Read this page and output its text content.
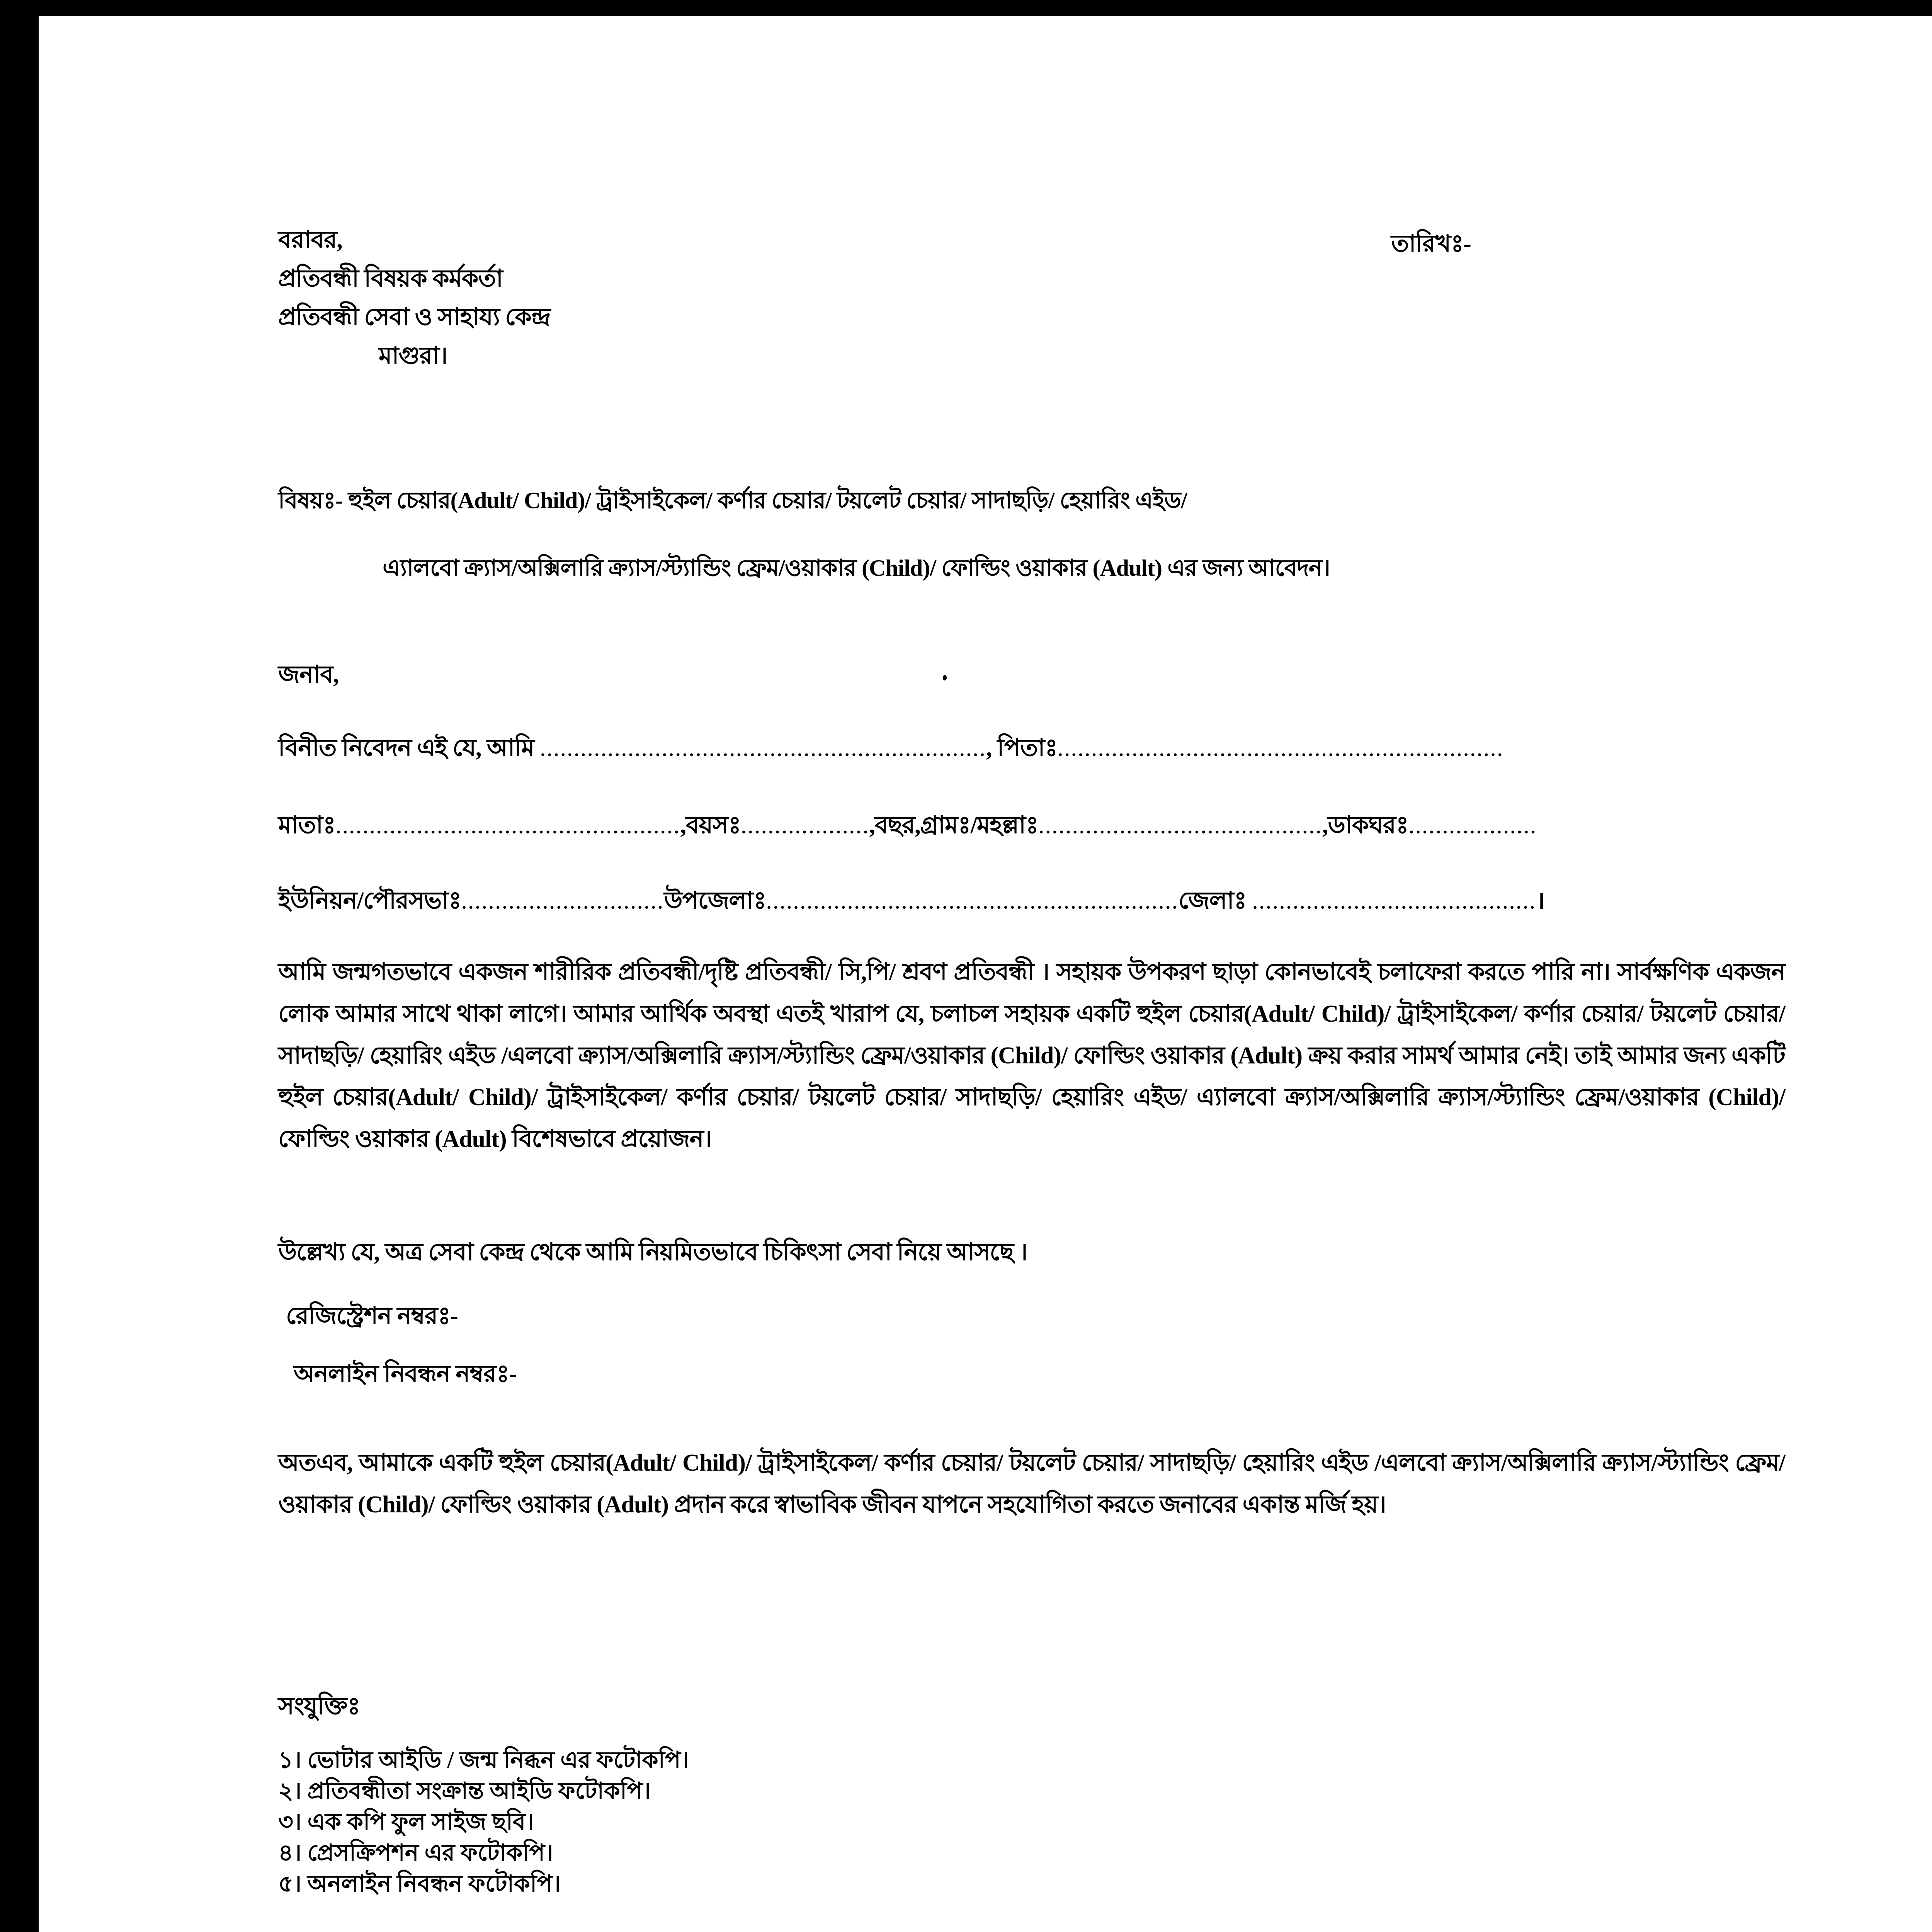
বরাবর,
প্রতিবন্ধী বিষয়ক কর্মকর্তা
প্রতিবন্ধী সেবা ও সাহায্য কেন্দ্র
মাগুরা।
তারিখঃ-
বিষয়ঃ- হুইল চেয়ার(Adult/ Child)/ ট্রাইসাইকেল/ কর্ণার চেয়ার/ টয়লেট চেয়ার/ সাদাছড়ি/ হেয়ারিং এইড/
এ্যালবো ক্র্যাস/অক্সিলারি ক্র্যাস/স্ট্যান্ডিং ফ্রেম/ওয়াকার (Child)/ ফোল্ডিং ওয়াকার (Adult) এর জন্য আবেদন।
জনাব,
বিনীত নিবেদন এই যে, আমি .................................................................., পিতাঃ..................................................................
মাতাঃ...................................................,বয়সঃ...................,বছর,গ্রামঃ/মহল্লাঃ..........................................,ডাকঘরঃ...................
ইউনিয়ন/পৌরসভাঃ..............................উপজেলাঃ.............................................................জেলাঃ ..........................................।
আমি জন্মগতভাবে একজন শারীরিক প্রতিবন্ধী/দৃষ্টি প্রতিবন্ধী/ সি,পি/ শ্রবণ প্রতিবন্ধী । সহায়ক উপকরণ ছাড়া কোনভাবেই চলাফেরা করতে পারি না। সার্বক্ষণিক একজন লোক আমার সাথে থাকা লাগে। আমার আর্থিক অবস্থা এতই খারাপ যে, চলাচল সহায়ক একটি হুইল চেয়ার(Adult/ Child)/ ট্রাইসাইকেল/ কর্ণার চেয়ার/ টয়লেট চেয়ার/ সাদাছড়ি/ হেয়ারিং এইড /এলবো ক্র্যাস/অক্সিলারি ক্র্যাস/স্ট্যান্ডিং ফ্রেম/ওয়াকার (Child)/ ফোল্ডিং ওয়াকার (Adult) ক্রয় করার সামর্থ আমার নেই। তাই আমার জন্য একটি হুইল চেয়ার(Adult/ Child)/ ট্রাইসাইকেল/ কর্ণার চেয়ার/ টয়লেট চেয়ার/ সাদাছড়ি/ হেয়ারিং এইড/ এ্যালবো ক্র্যাস/অক্সিলারি ক্র্যাস/স্ট্যান্ডিং ফ্রেম/ওয়াকার (Child)/ ফোল্ডিং ওয়াকার (Adult) বিশেষভাবে প্রয়োজন।
উল্লেখ্য যে, অত্র সেবা কেন্দ্র থেকে আমি নিয়মিতভাবে চিকিৎসা সেবা নিয়ে আসছে ।
রেজিস্ট্রেশন নম্বরঃ-
অনলাইন নিবন্ধন নম্বরঃ-
অতএব, আমাকে একটি হুইল চেয়ার(Adult/ Child)/ ট্রাইসাইকেল/ কর্ণার চেয়ার/ টয়লেট চেয়ার/ সাদাছড়ি/ হেয়ারিং এইড /এলবো ক্র্যাস/অক্সিলারি ক্র্যাস/স্ট্যান্ডিং ফ্রেম/ওয়াকার (Child)/ ফোল্ডিং ওয়াকার (Adult) প্রদান করে স্বাভাবিক জীবন যাপনে সহযোগিতা করতে জনাবের একান্ত মর্জি হয়।
সংযুক্তিঃ
১। ভোটার আইডি / জন্ম নিব্ধন এর ফটোকপি।
২। প্রতিবন্ধীতা সংক্রান্ত আইডি ফটোকপি।
৩। এক কপি ফুল সাইজ ছবি।
৪। প্রেসক্রিপশন এর ফটোকপি।
৫। অনলাইন নিবন্ধন ফটোকপি।
